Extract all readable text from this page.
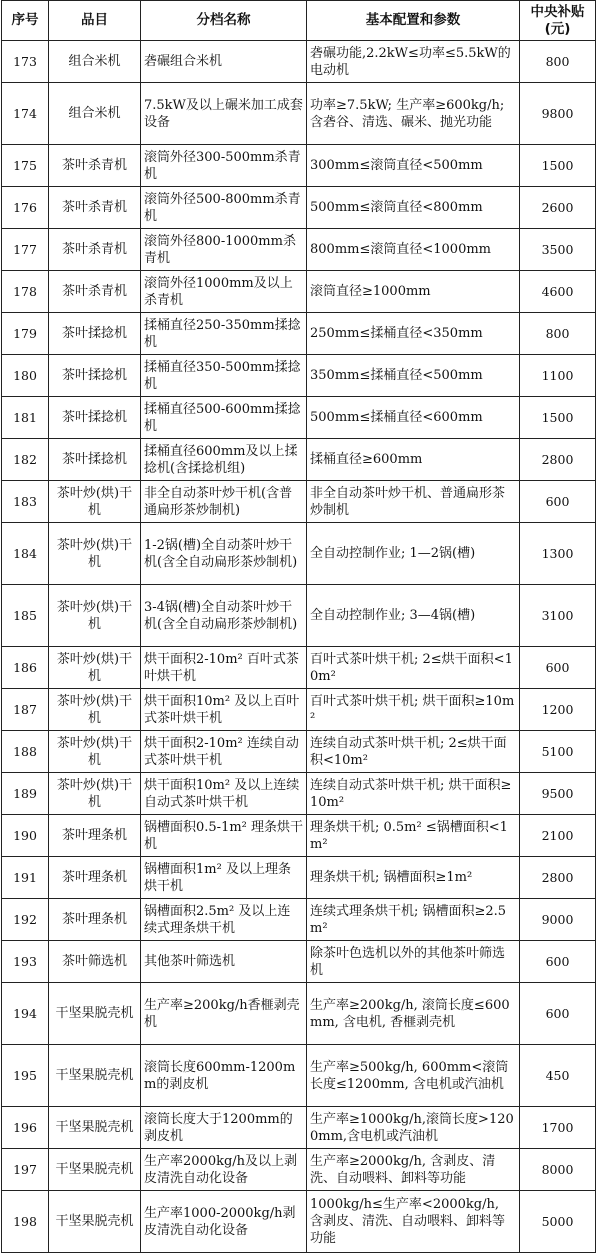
序号	品目	分档名称	基本配置和参数	中央补贴(元)
173	组合米机	砻碾组合米机	砻碾功能,2.2kW≤功率≤5.5kW的电动机	800
174	组合米机	7.5kW及以上碾米加工成套设备	功率≥7.5kW; 生产率≥600kg/h; 含砻谷、清选、碾米、抛光功能	9800
175	茶叶杀青机	滚筒外径300-500mm杀青机	300mm≤滚筒直径<500mm	1500
176	茶叶杀青机	滚筒外径500-800mm杀青机	500mm≤滚筒直径<800mm	2600
177	茶叶杀青机	滚筒外径800-1000mm杀青机	800mm≤滚筒直径<1000mm	3500
178	茶叶杀青机	滚筒外径1000mm及以上杀青机	滚筒直径≥1000mm	4600
179	茶叶揉捻机	揉桶直径250-350mm揉捻机	250mm≤揉桶直径<350mm	800
180	茶叶揉捻机	揉桶直径350-500mm揉捻机	350mm≤揉桶直径<500mm	1100
181	茶叶揉捻机	揉桶直径500-600mm揉捻机	500mm≤揉桶直径<600mm	1500
182	茶叶揉捻机	揉桶直径600mm及以上揉捻机(含揉捻机组)	揉桶直径≥600mm	2800
183	茶叶炒(烘)干机	非全自动茶叶炒干机(含普通扁形茶炒制机)	非全自动茶叶炒干机、普通扁形茶炒制机	600
184	茶叶炒(烘)干机	1-2锅(槽)全自动茶叶炒干机(含全自动扁形茶炒制机)	全自动控制作业; 1—2锅(槽)	1300
185	茶叶炒(烘)干机	3-4锅(槽)全自动茶叶炒干机(含全自动扁形茶炒制机)	全自动控制作业; 3—4锅(槽)	3100
186	茶叶炒(烘)干机	烘干面积2-10m² 百叶式茶叶烘干机	百叶式茶叶烘干机; 2≤烘干面积<10m²	600
187	茶叶炒(烘)干机	烘干面积10m² 及以上百叶式茶叶烘干机	百叶式茶叶烘干机; 烘干面积≥10m²	1200
188	茶叶炒(烘)干机	烘干面积2-10m² 连续自动式茶叶烘干机	连续自动式茶叶烘干机; 2≤烘干面积<10m²	5100
189	茶叶炒(烘)干机	烘干面积10m² 及以上连续自动式茶叶烘干机	连续自动式茶叶烘干机; 烘干面积≥10m²	9500
190	茶叶理条机	锅槽面积0.5-1m² 理条烘干机	理条烘干机; 0.5m² ≤锅槽面积<1m²	2100
191	茶叶理条机	锅槽面积1m² 及以上理条烘干机	理条烘干机; 锅槽面积≥1m²	2800
192	茶叶理条机	锅槽面积2.5m² 及以上连续式理条烘干机	连续式理条烘干机; 锅槽面积≥2.5m²	9000
193	茶叶筛选机	其他茶叶筛选机	除茶叶色选机以外的其他茶叶筛选机	600
194	干坚果脱壳机	生产率≥200kg/h香榧剥壳机	生产率≥200kg/h, 滚筒长度≤600mm, 含电机, 香榧剥壳机	600
195	干坚果脱壳机	滚筒长度600mm-1200mm的剥皮机	生产率≥500kg/h, 600mm<滚筒长度≤1200mm, 含电机或汽油机	450
196	干坚果脱壳机	滚筒长度大于1200mm的剥皮机	生产率≥1000kg/h,滚筒长度>1200mm,含电机或汽油机	1700
197	干坚果脱壳机	生产率2000kg/h及以上剥皮清洗自动化设备	生产率≥2000kg/h, 含剥皮、清洗、自动喂料、卸料等功能	8000
198	干坚果脱壳机	生产率1000-2000kg/h剥皮清洗自动化设备	1000kg/h≤生产率<2000kg/h, 含剥皮、清洗、自动喂料、卸料等功能	5000
